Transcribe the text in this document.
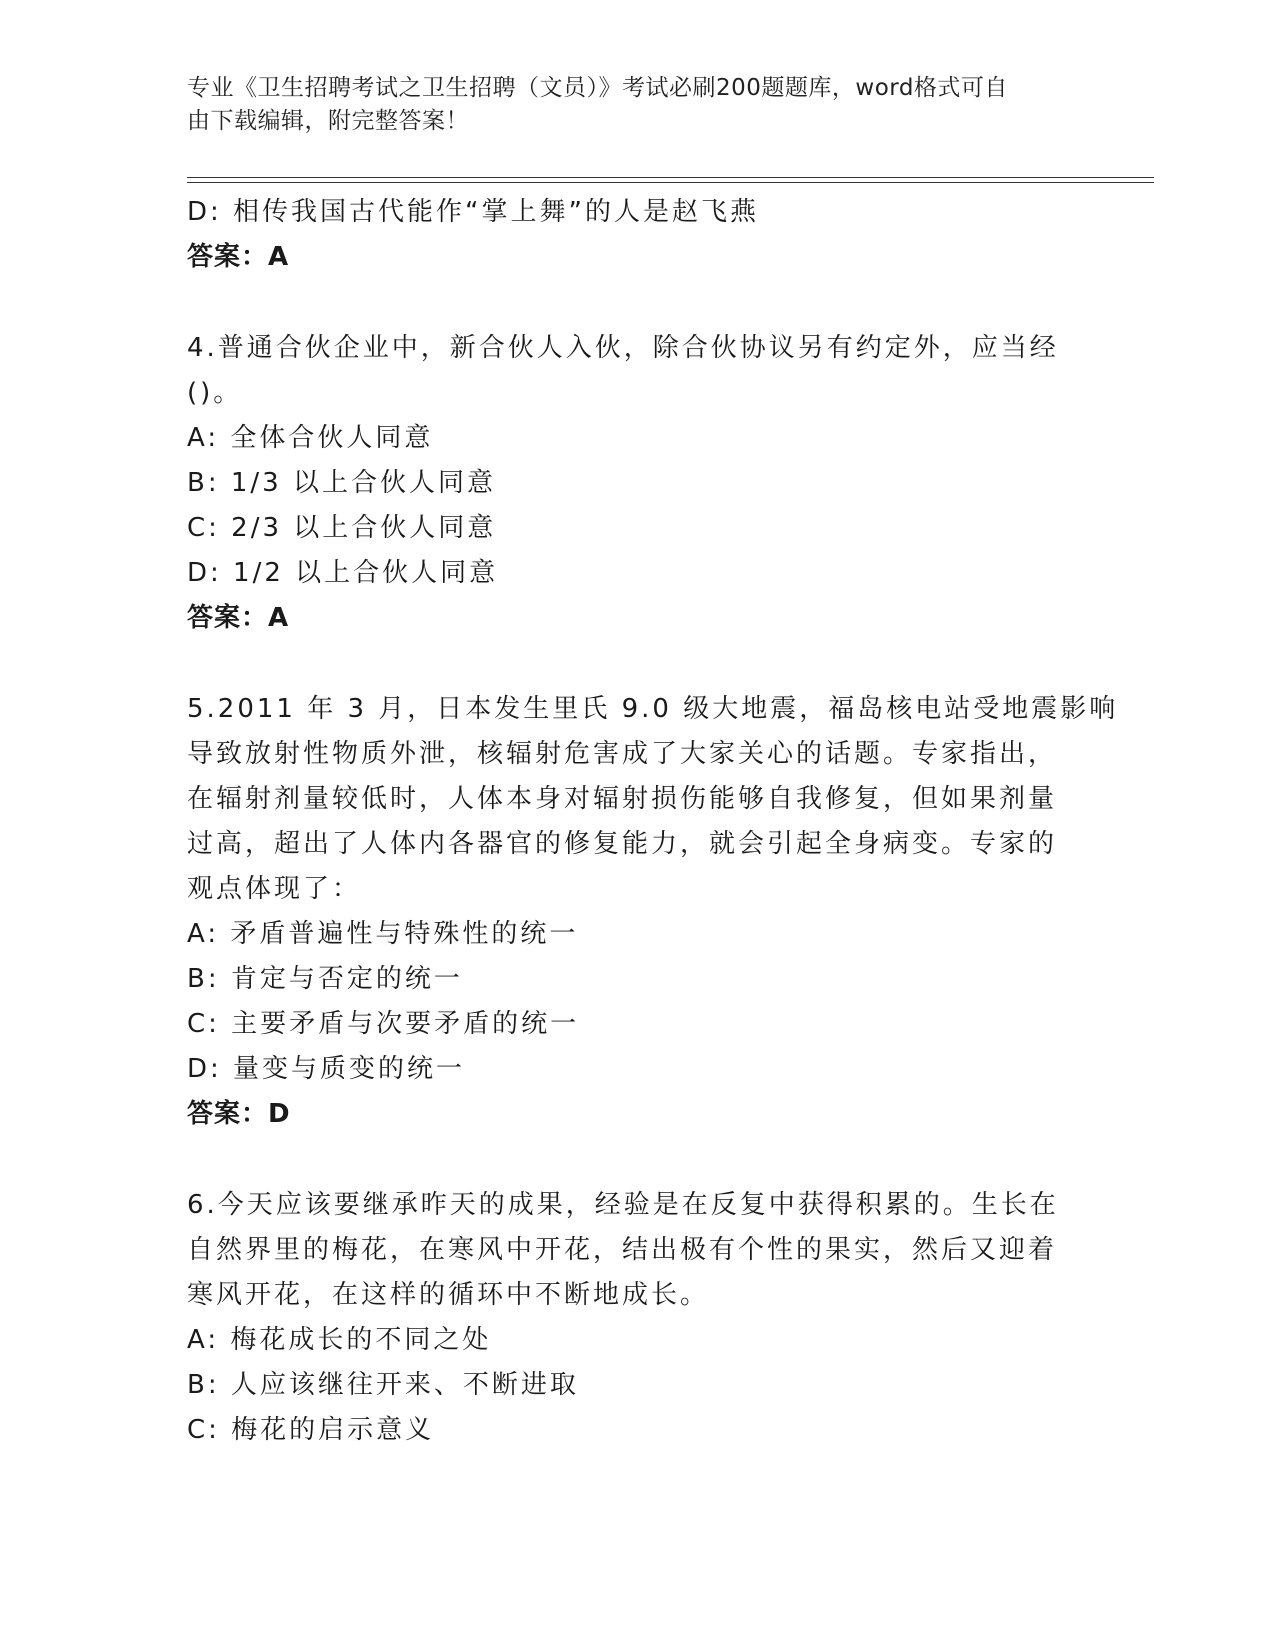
专业《卫生招聘考试之卫生招聘（文员）》考试必刷200题题库，word格式可自
由下载编辑，附完整答案！
D: 相传我国古代能作“掌上舞”的人是赵飞燕
答案：A
4.普通合伙企业中，新合伙人入伙，除合伙协议另有约定外，应当经
()。
A: 全体合伙人同意
B: 1/3 以上合伙人同意
C: 2/3 以上合伙人同意
D: 1/2 以上合伙人同意
答案：A
5.2011 年 3 月，日本发生里氏 9.0 级大地震，福岛核电站受地震影响
导致放射性物质外泄，核辐射危害成了大家关心的话题。专家指出，
在辐射剂量较低时，人体本身对辐射损伤能够自我修复，但如果剂量
过高，超出了人体内各器官的修复能力，就会引起全身病变。专家的
观点体现了：
A: 矛盾普遍性与特殊性的统一
B: 肯定与否定的统一
C: 主要矛盾与次要矛盾的统一
D: 量变与质变的统一
答案：D
6.今天应该要继承昨天的成果，经验是在反复中获得积累的。生长在
自然界里的梅花，在寒风中开花，结出极有个性的果实，然后又迎着
寒风开花，在这样的循环中不断地成长。
A: 梅花成长的不同之处
B: 人应该继往开来、不断进取
C: 梅花的启示意义
